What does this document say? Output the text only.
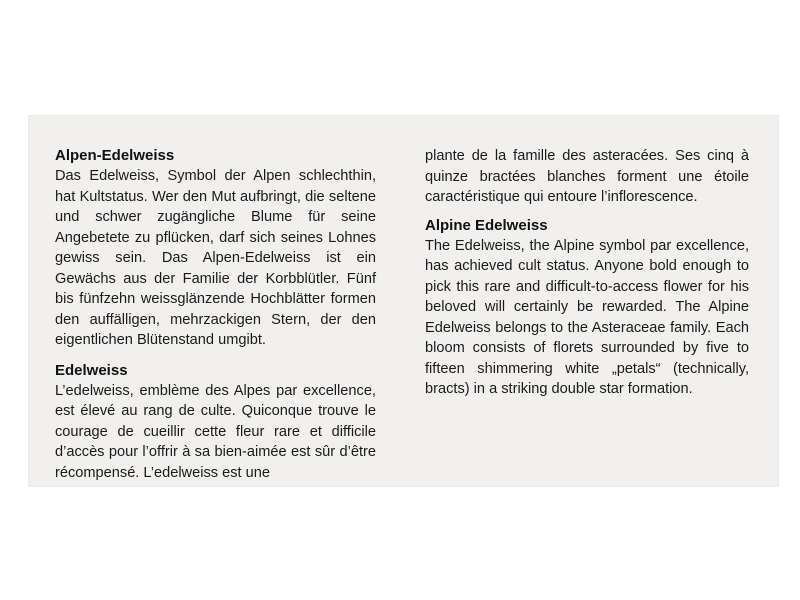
Alpen-Edelweiss

Das Edelweiss, Symbol der Alpen schlechthin, hat Kultstatus. Wer den Mut aufbringt, die seltene und schwer zugängliche Blume für seine Angebetete zu pflücken, darf sich seines Lohnes gewiss sein. Das Alpen-Edelweiss ist ein Gewächs aus der Familie der Korbblütler. Fünf bis fünfzehn weissglänzende Hochblätter formen den auffälligen, mehrzackigen Stern, der den eigentlichen Blütenstand umgibt.

Edelweiss

L’edelweiss, emblème des Alpes par excellence, est élevé au rang de culte. Quiconque trouve le courage de cueillir cette fleur rare et difficile d’accès pour l’offrir à sa bien-aimée est sûr d’être récompensé. L’edelweiss est une

plante de la famille des asteracées. Ses cinq à quinze bractées blanches forment une étoile caractéristique qui entoure l’inflorescence.

Alpine Edelweiss

The Edelweiss, the Alpine symbol par excellence, has achieved cult status. Anyone bold enough to pick this rare and difficult-to-access flower for his beloved will certainly be rewarded. The Alpine Edelweiss belongs to the Asteraceae family. Each bloom consists of florets surrounded by five to fifteen shimmering white „petals“ (technically, bracts) in a striking double star formation.
